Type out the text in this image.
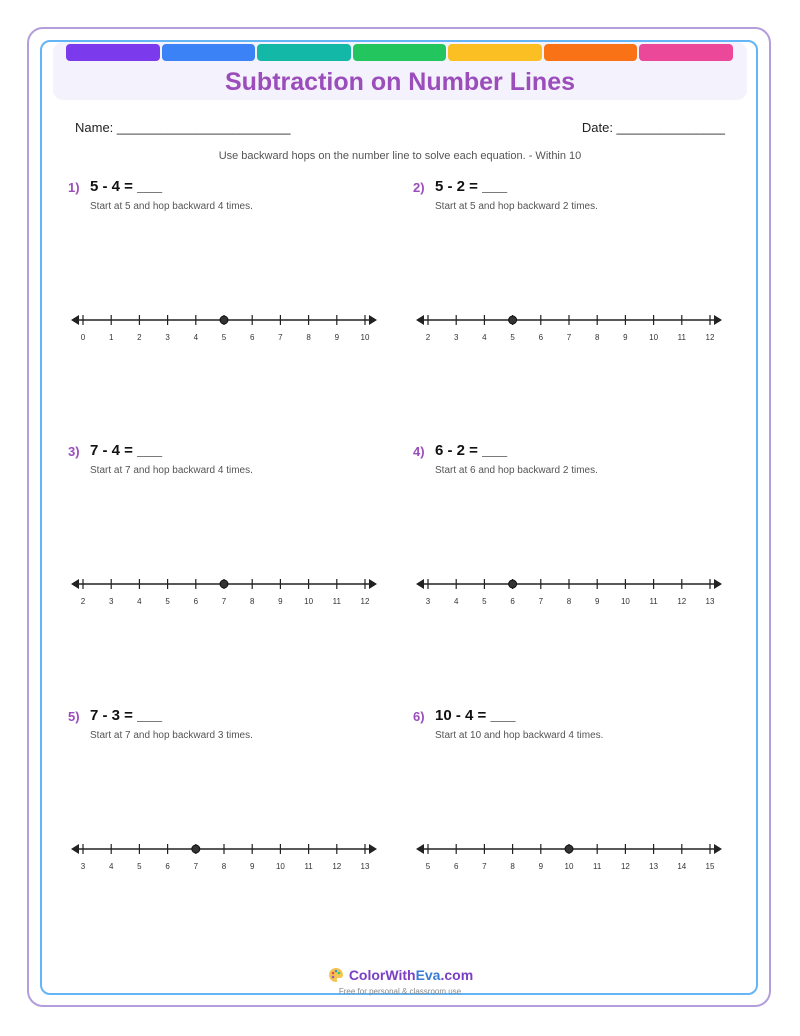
Subtraction on Number Lines
Name: ________________________	Date: _______________
Use backward hops on the number line to solve each equation. - Within 10
1) 5 - 4 = ___
Start at 5 and hop backward 4 times.
0	1	2	3	4	5	6	7	8	9	10
2) 5 - 2 = ___
Start at 5 and hop backward 2 times.
2	3	4	5	6	7	8	9	10 11 12
3) 7 - 4 = ___
Start at 7 and hop backward 4 times.
2	3	4	5	6	7	8	9	10 11 12
4) 6 - 2 = ___
Start at 6 and hop backward 2 times.
3	4	5	6	7	8	9	10 11 12 13
5) 7 - 3 = ___
Start at 7 and hop backward 3 times.
3	4	5	6	7	8	9	10 11 12 13
6) 10 - 4 = ___
Start at 10 and hop backward 4 times.
5	6	7	8	9	10 11 12 13 14 15
ColorWithEva.com
Free for personal & classroom use
